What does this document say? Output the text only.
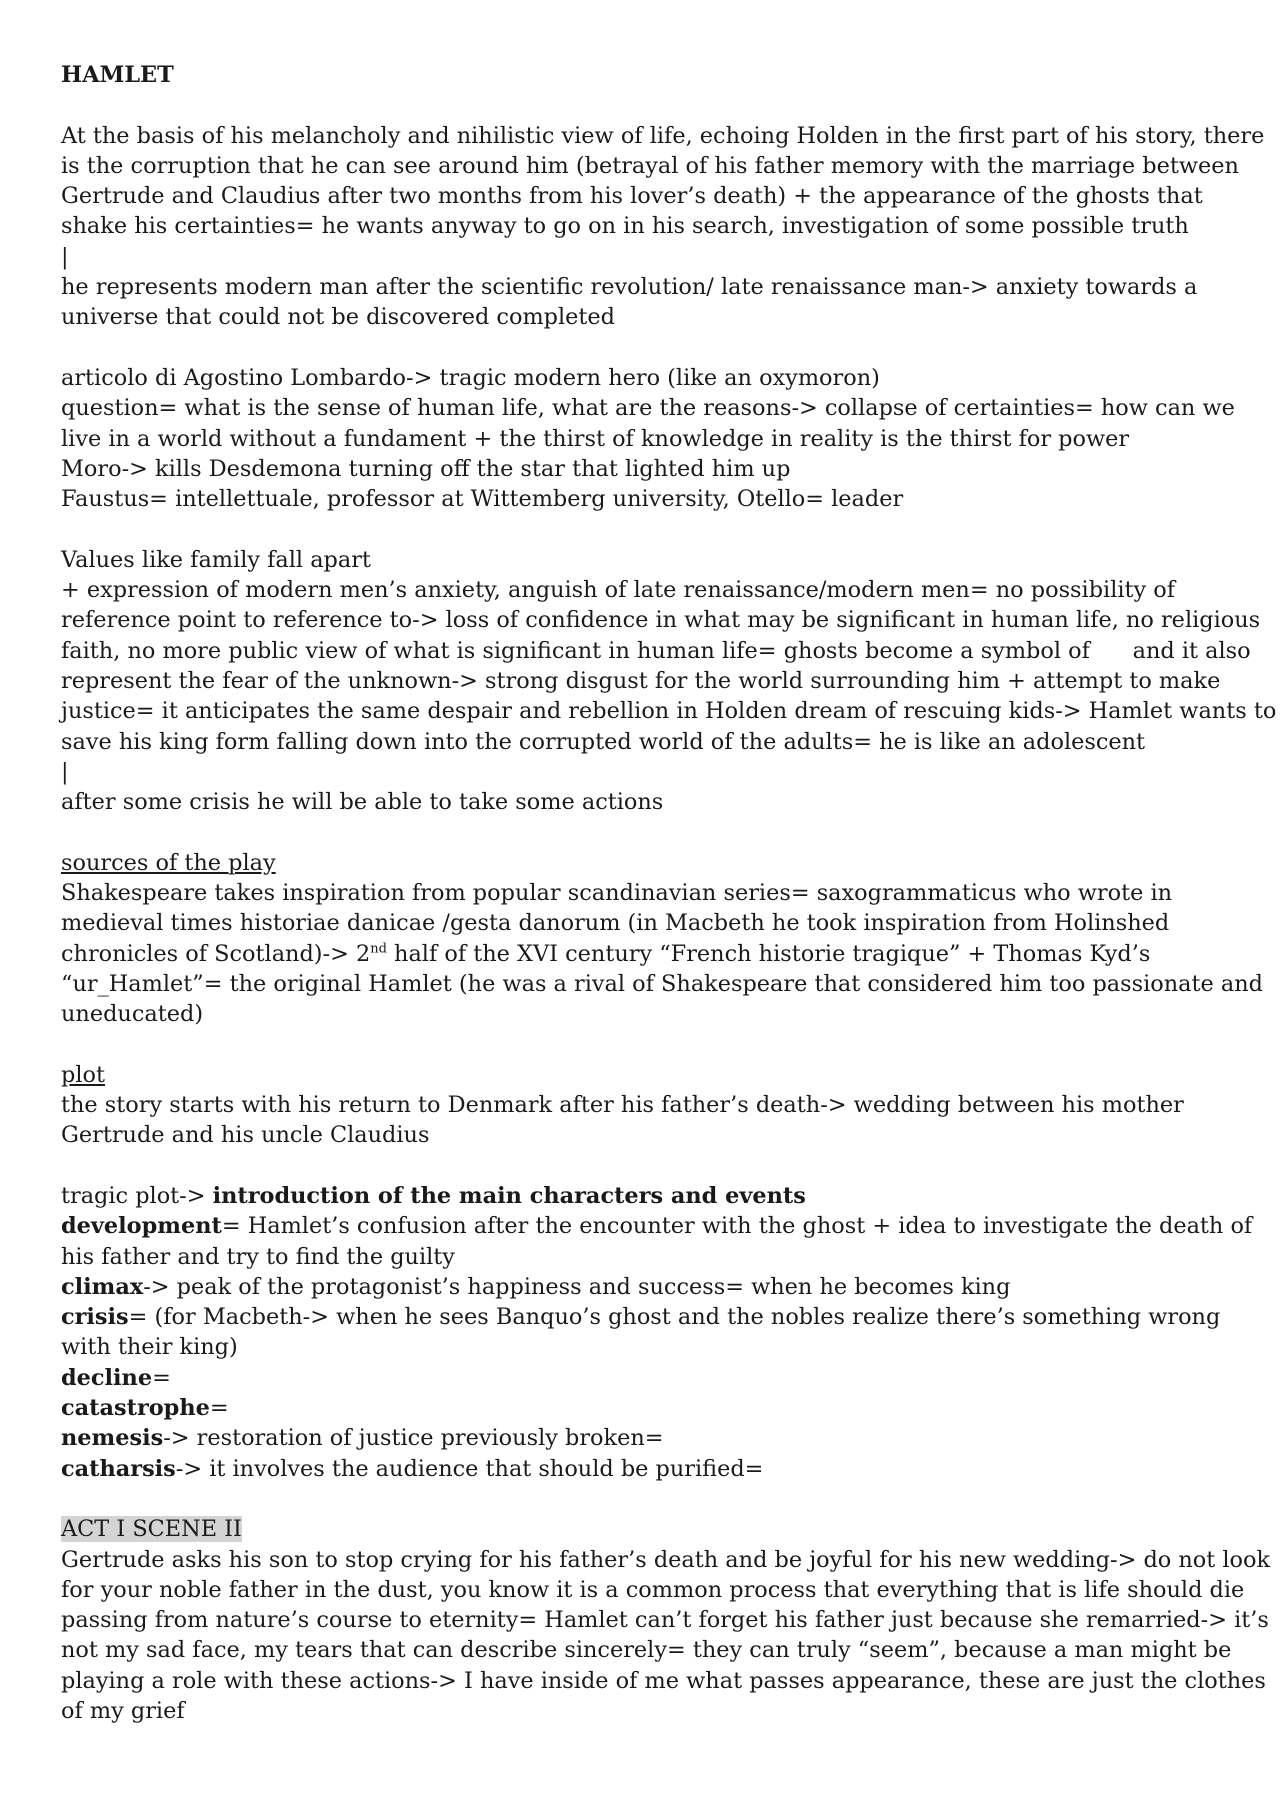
HAMLET

At the basis of his melancholy and nihilistic view of life, echoing Holden in the first part of his story, there

is the corruption that he can see around him (betrayal of his father memory with the marriage between

Gertrude and Claudius after two months from his lover’s death) + the appearance of the ghosts that

shake his certainties= he wants anyway to go on in his search, investigation of some possible truth

|

he represents modern man after the scientific revolution/ late renaissance man-> anxiety towards a

universe that could not be discovered completed

articolo di Agostino Lombardo-> tragic modern hero (like an oxymoron)

question= what is the sense of human life, what are the reasons-> collapse of certainties= how can we

live in a world without a fundament + the thirst of knowledge in reality is the thirst for power

Moro-> kills Desdemona turning off the star that lighted him up

Faustus= intellettuale, professor at Wittemberg university, Otello= leader

Values like family fall apart

+ expression of modern men’s anxiety, anguish of late renaissance/modern men= no possibility of

reference point to reference to-> loss of confidence in what may be significant in human life, no religious

faith, no more public view of what is significant in human life= ghosts become a symbol of      and it also

represent the fear of the unknown-> strong disgust for the world surrounding him + attempt to make

justice= it anticipates the same despair and rebellion in Holden dream of rescuing kids-> Hamlet wants to

save his king form falling down into the corrupted world of the adults= he is like an adolescent

|

after some crisis he will be able to take some actions

sources of the play

Shakespeare takes inspiration from popular scandinavian series= saxogrammaticus who wrote in

medieval times historiae danicae /gesta danorum (in Macbeth he took inspiration from Holinshed

chronicles of Scotland)-> 2nd half of the XVI century “French historie tragique” + Thomas Kyd’s

“ur_Hamlet”= the original Hamlet (he was a rival of Shakespeare that considered him too passionate and

uneducated)

plot

the story starts with his return to Denmark after his father’s death-> wedding between his mother

Gertrude and his uncle Claudius

tragic plot-> introduction of the main characters and events

development= Hamlet’s confusion after the encounter with the ghost + idea to investigate the death of

his father and try to find the guilty

climax-> peak of the protagonist’s happiness and success= when he becomes king

crisis= (for Macbeth-> when he sees Banquo’s ghost and the nobles realize there’s something wrong

with their king)

decline=

catastrophe=

nemesis-> restoration of justice previously broken=

catharsis-> it involves the audience that should be purified=

ACT I SCENE II

Gertrude asks his son to stop crying for his father’s death and be joyful for his new wedding-> do not look

for your noble father in the dust, you know it is a common process that everything that is life should die

passing from nature’s course to eternity= Hamlet can’t forget his father just because she remarried-> it’s

not my sad face, my tears that can describe sincerely= they can truly “seem”, because a man might be

playing a role with these actions-> I have inside of me what passes appearance, these are just the clothes

of my grief
